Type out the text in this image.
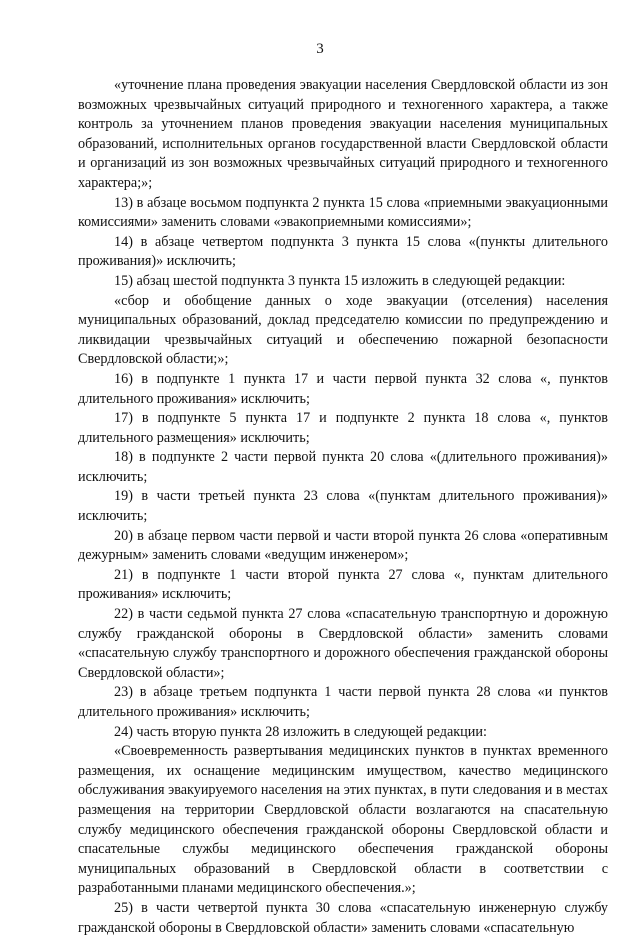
3

«уточнение плана проведения эвакуации населения Свердловской области из зон возможных чрезвычайных ситуаций природного и техногенного характера, а также контроль за уточнением планов проведения эвакуации населения муниципальных образований, исполнительных органов государственной власти Свердловской области и организаций из зон возможных чрезвычайных ситуаций природного и техногенного характера;»;

13) в абзаце восьмом подпункта 2 пункта 15 слова «приемными эвакуационными комиссиями» заменить словами «эвакоприемными комиссиями»;

14) в абзаце четвертом подпункта 3 пункта 15 слова «(пункты длительного проживания)» исключить;

15) абзац шестой подпункта 3 пункта 15 изложить в следующей редакции:

«сбор и обобщение данных о ходе эвакуации (отселения) населения муниципальных образований, доклад председателю комиссии по предупреждению и ликвидации чрезвычайных ситуаций и обеспечению пожарной безопасности Свердловской области;»;

16) в подпункте 1 пункта 17 и части первой пункта 32 слова «, пунктов длительного проживания» исключить;

17) в подпункте 5 пункта 17 и подпункте 2 пункта 18 слова «, пунктов длительного размещения» исключить;

18) в подпункте 2 части первой пункта 20 слова «(длительного проживания)» исключить;

19) в части третьей пункта 23 слова «(пунктам длительного проживания)» исключить;

20) в абзаце первом части первой и части второй пункта 26 слова «оперативным дежурным» заменить словами «ведущим инженером»;

21) в подпункте 1 части второй пункта 27 слова «, пунктам длительного проживания» исключить;

22) в части седьмой пункта 27 слова «спасательную транспортную и дорожную службу гражданской обороны в Свердловской области» заменить словами «спасательную службу транспортного и дорожного обеспечения гражданской обороны Свердловской области»;

23) в абзаце третьем подпункта 1 части первой пункта 28 слова «и пунктов длительного проживания» исключить;

24) часть вторую пункта 28 изложить в следующей редакции:

«Своевременность развертывания медицинских пунктов в пунктах временного размещения, их оснащение медицинским имуществом, качество медицинского обслуживания эвакуируемого населения на этих пунктах, в пути следования и в местах размещения на территории Свердловской области возлагаются на спасательную службу медицинского обеспечения гражданской обороны Свердловской области и спасательные службы медицинского обеспечения гражданской обороны муниципальных образований в Свердловской области в соответствии с разработанными планами медицинского обеспечения.»;

25) в части четвертой пункта 30 слова «спасательную инженерную службу гражданской обороны в Свердловской области» заменить словами «спасательную
